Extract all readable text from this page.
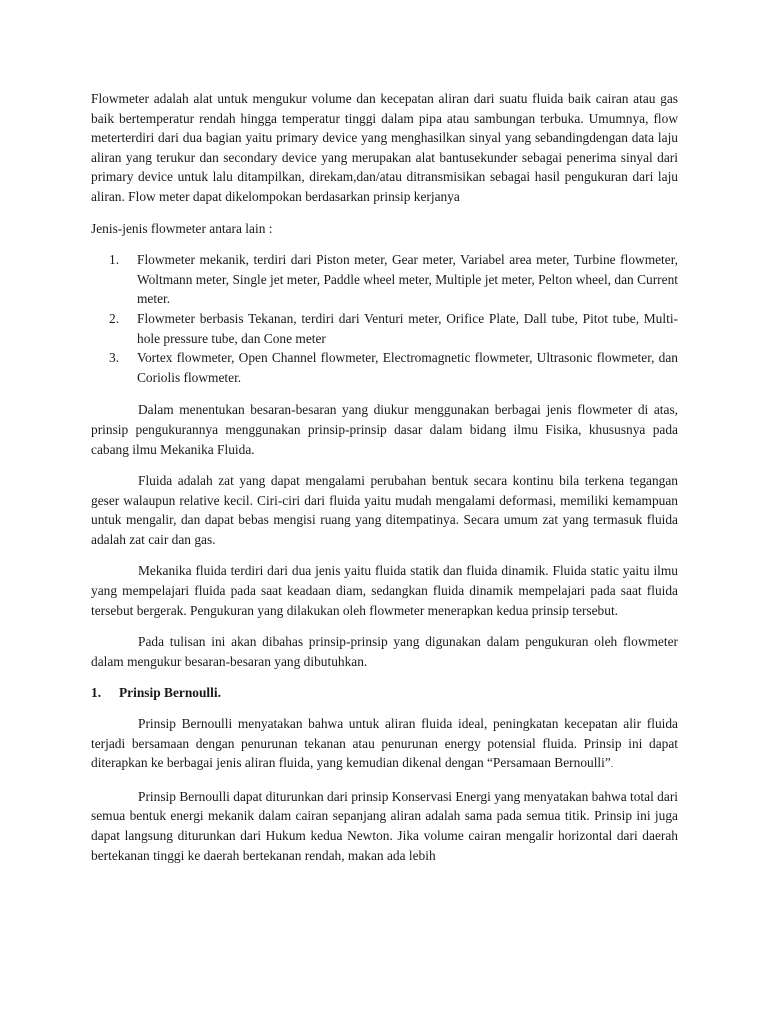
Flowmeter adalah alat untuk mengukur volume dan kecepatan aliran dari suatu fluida baik cairan atau gas baik bertemperatur rendah hingga temperatur tinggi dalam pipa atau sambungan terbuka. Umumnya, flow meterterdiri dari dua bagian yaitu primary device yang menghasilkan sinyal yang sebandingdengan data laju aliran yang terukur dan secondary device yang merupakan alat bantusekunder sebagai penerima sinyal dari primary device untuk lalu ditampilkan, direkam,dan/atau ditransmisikan sebagai hasil pengukuran dari laju aliran. Flow meter dapat dikelompokan berdasarkan prinsip kerjanya

Jenis-jenis flowmeter antara lain :

1. Flowmeter mekanik, terdiri dari Piston meter, Gear meter, Variabel area meter, Turbine flowmeter, Woltmann meter, Single jet meter, Paddle wheel meter, Multiple jet meter, Pelton wheel, dan Current meter.
2. Flowmeter berbasis Tekanan, terdiri dari Venturi meter, Orifice Plate, Dall tube, Pitot tube, Multi-hole pressure tube, dan Cone meter
3. Vortex flowmeter, Open Channel flowmeter, Electromagnetic flowmeter, Ultrasonic flowmeter, dan Coriolis flowmeter.

Dalam menentukan besaran-besaran yang diukur menggunakan berbagai jenis flowmeter di atas, prinsip pengukurannya menggunakan prinsip-prinsip dasar dalam bidang ilmu Fisika, khususnya pada cabang ilmu Mekanika Fluida.

Fluida adalah zat yang dapat mengalami perubahan bentuk secara kontinu bila terkena tegangan geser walaupun relative kecil. Ciri-ciri dari fluida yaitu mudah mengalami deformasi, memiliki kemampuan untuk mengalir, dan dapat bebas mengisi ruang yang ditempatinya. Secara umum zat yang termasuk fluida adalah zat cair dan gas.

Mekanika fluida terdiri dari dua jenis yaitu fluida statik dan fluida dinamik. Fluida static yaitu ilmu yang mempelajari fluida pada saat keadaan diam, sedangkan fluida dinamik mempelajari pada saat fluida tersebut bergerak. Pengukuran yang dilakukan oleh flowmeter menerapkan kedua prinsip tersebut.

Pada tulisan ini akan dibahas prinsip-prinsip yang digunakan dalam pengukuran oleh flowmeter dalam mengukur besaran-besaran yang dibutuhkan.

1. Prinsip Bernoulli.

Prinsip Bernoulli menyatakan bahwa untuk aliran fluida ideal, peningkatan kecepatan alir fluida terjadi bersamaan dengan penurunan tekanan atau penurunan energy potensial fluida. Prinsip ini dapat diterapkan ke berbagai jenis aliran fluida, yang kemudian dikenal dengan “Persamaan Bernoulli”.

Prinsip Bernoulli dapat diturunkan dari prinsip Konservasi Energi yang menyatakan bahwa total dari semua bentuk energi mekanik dalam cairan sepanjang aliran adalah sama pada semua titik. Prinsip ini juga dapat langsung diturunkan dari Hukum kedua Newton. Jika volume cairan mengalir horizontal dari daerah bertekanan tinggi ke daerah bertekanan rendah, makan ada lebih
